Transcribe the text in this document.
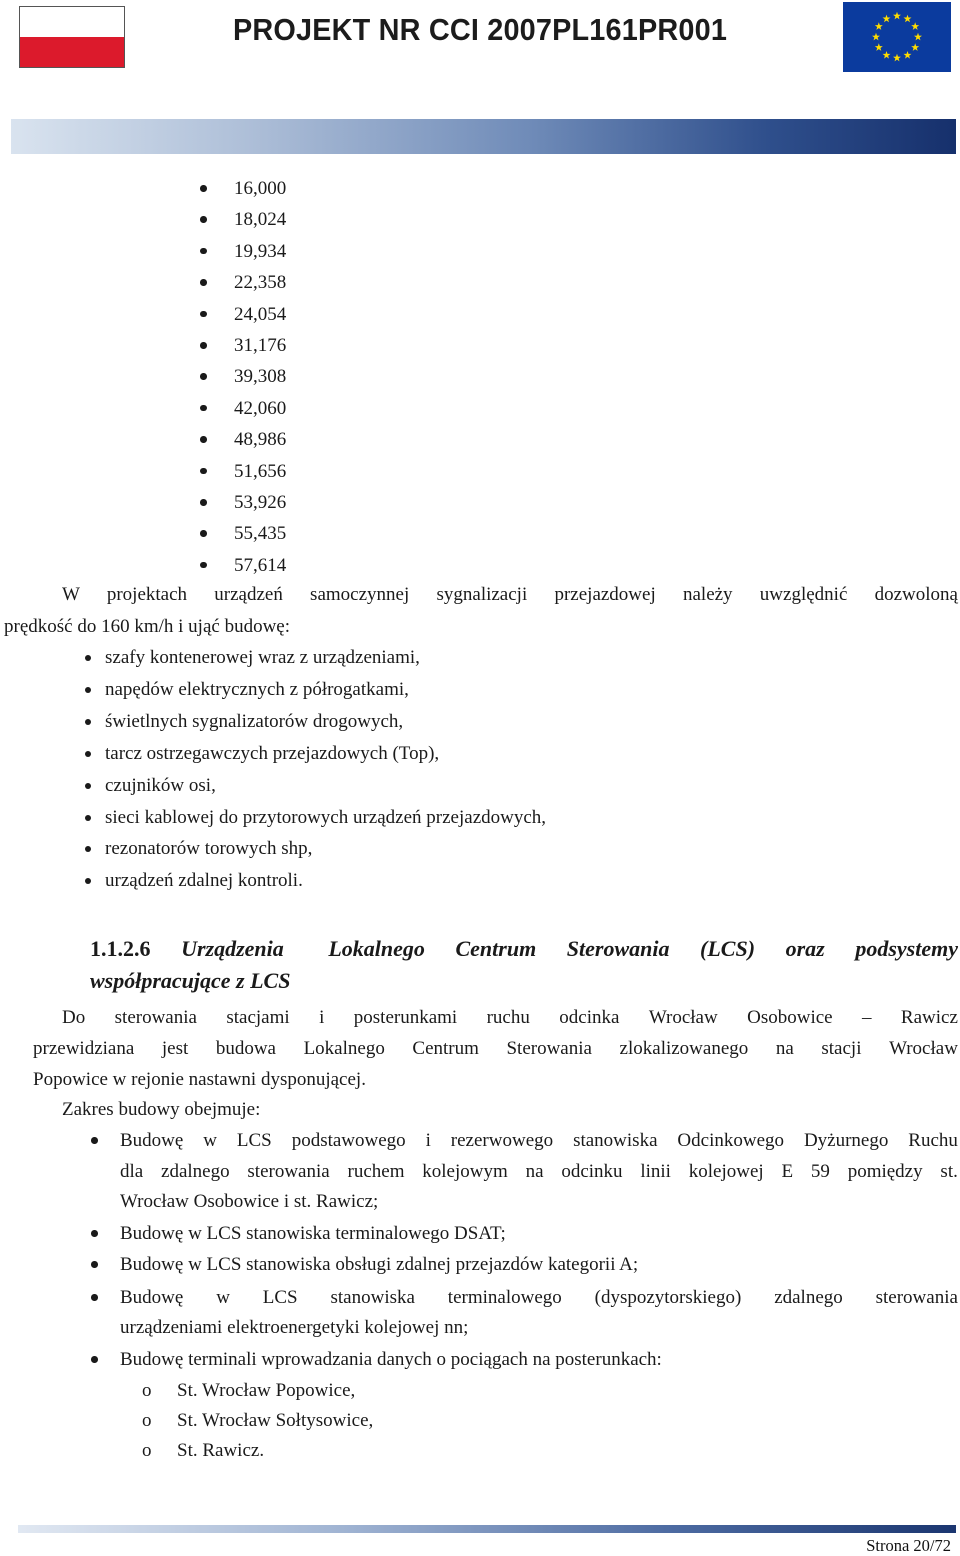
PROJEKT NR CCI 2007PL161PR001
16,000
18,024
19,934
22,358
24,054
31,176
39,308
42,060
48,986
51,656
53,926
55,435
57,614
W projektach urządzeń samoczynnej sygnalizacji przejazdowej należy uwzględnić dozwoloną
prędkość do 160 km/h i ująć budowę:
szafy kontenerowej wraz z urządzeniami,
napędów elektrycznych z półrogatkami,
świetlnych sygnalizatorów drogowych,
tarcz ostrzegawczych przejazdowych (Top),
czujników osi,
sieci kablowej do przytorowych urządzeń przejazdowych,
rezonatorów torowych shp,
urządzeń zdalnej kontroli.
1.1.2.6 Urządzenia Lokalnego Centrum Sterowania (LCS) oraz podsystemy
współpracujące z LCS
Do sterowania stacjami i posterunkami ruchu odcinka Wrocław Osobowice – Rawicz
przewidziana jest budowa Lokalnego Centrum Sterowania zlokalizowanego na stacji Wrocław
Popowice w rejonie nastawni dysponującej.
Zakres budowy obejmuje:
Budowę w LCS podstawowego i rezerwowego stanowiska Odcinkowego Dyżurnego Ruchu
dla zdalnego sterowania ruchem kolejowym na odcinku linii kolejowej E 59 pomiędzy st.
Wrocław Osobowice i st. Rawicz;
Budowę w LCS stanowiska terminalowego DSAT;
Budowę w LCS stanowiska obsługi zdalnej przejazdów kategorii A;
Budowę w LCS stanowiska terminalowego (dyspozytorskiego) zdalnego sterowania
urządzeniami elektroenergetyki kolejowej nn;
Budowę terminali wprowadzania danych o pociągach na posterunkach:
o St. Wrocław Popowice,
o St. Wrocław Sołtysowice,
o St. Rawicz.
Strona 20/72
